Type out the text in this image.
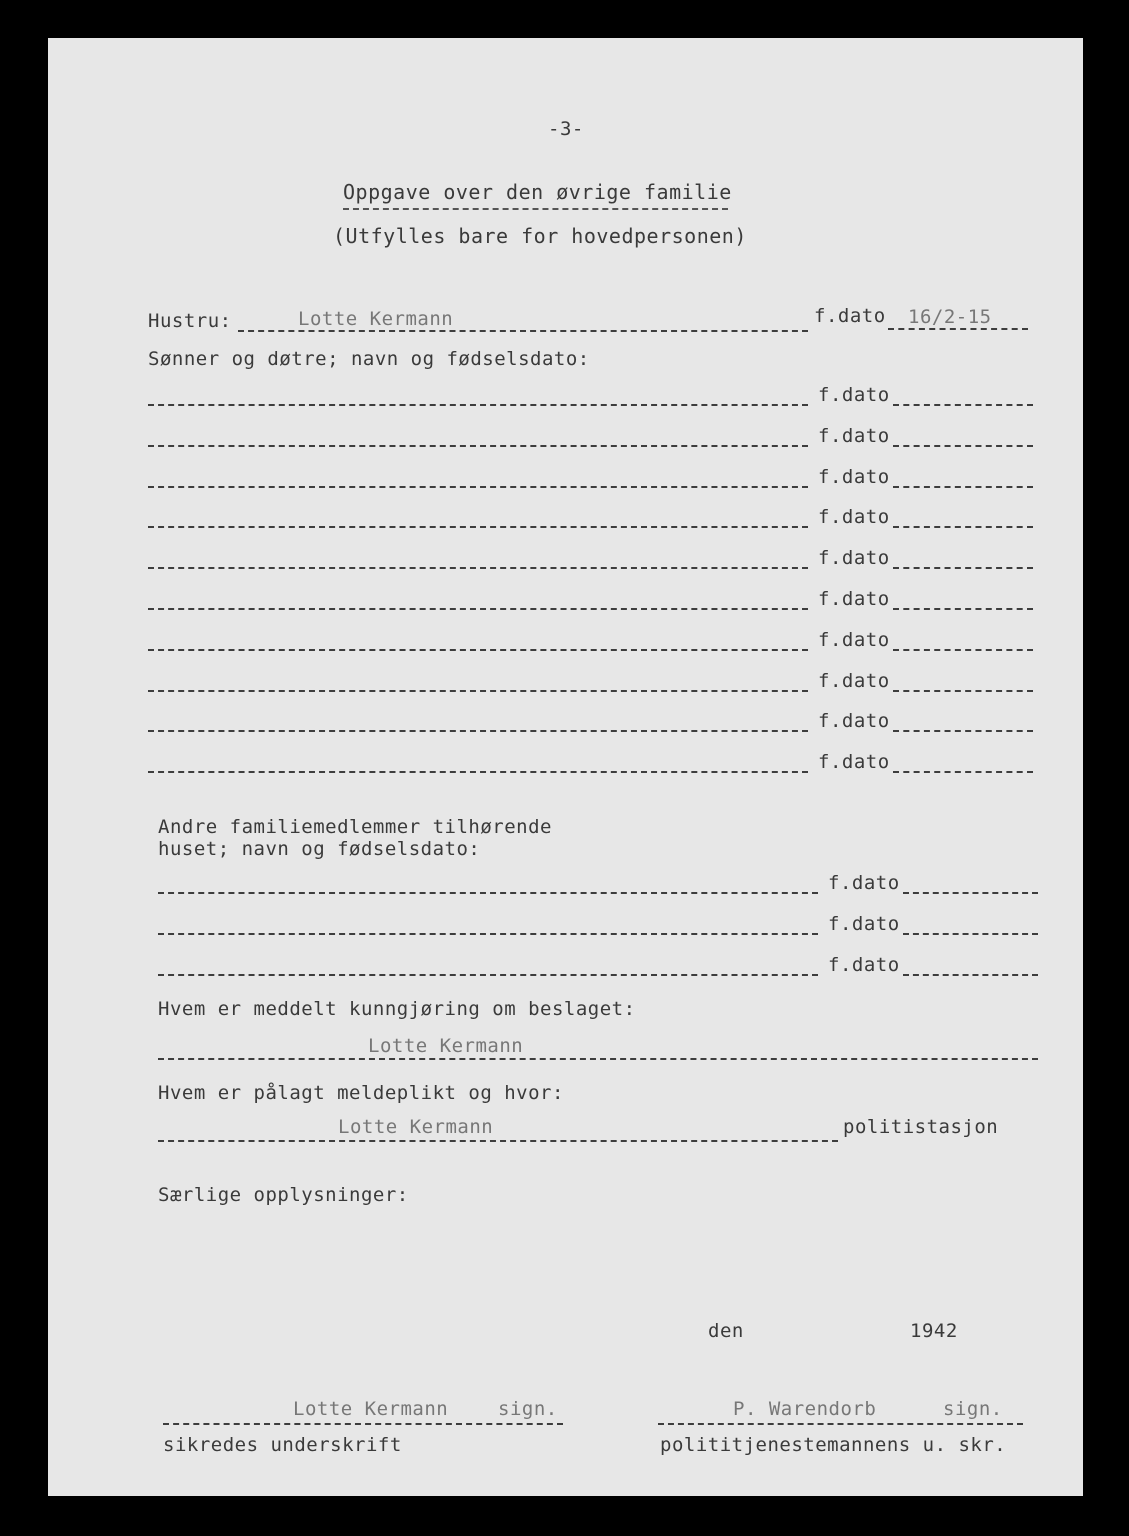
-3-
Oppgave over den øvrige familie
(Utfylles bare for hovedpersonen)
Hustru:	Lotte Kermann	f.dato 16/2-15
Sønner og døtre; navn og fødselsdato:
f.dato
f.dato
f.dato
f.dato
f.dato
f.dato
f.dato
f.dato
f.dato
f.dato
Andre familiemedlemmer tilhørende
huset; navn og fødselsdato:
f.dato
f.dato
f.dato
Hvem er meddelt kunngjøring om beslaget:
Lotte Kermann
Hvem er pålagt meldeplikt og hvor:
Lotte Kermann	politistasjon
Særlige opplysninger:
den	1942
Lotte Kermann	sign.
sikredes underskrift
P. Warendorb	sign.
polititjenestemannens u. skr.
